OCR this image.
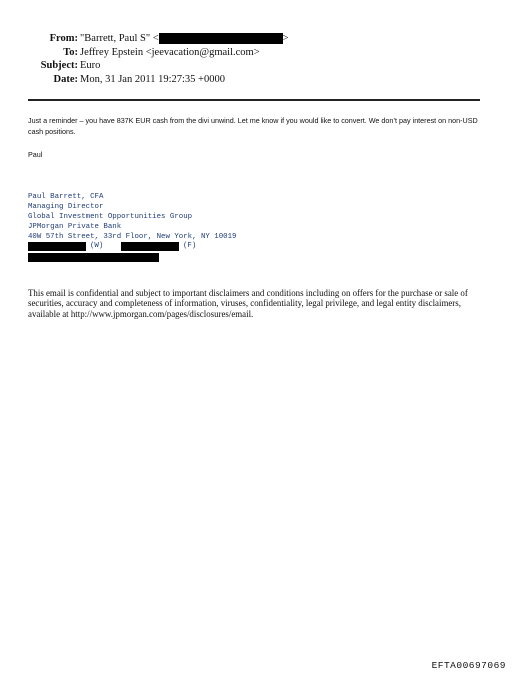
From: "Barrett, Paul S" <	>
To: Jeffrey Epstein <jeevacation@gmail.com>
Subject: Euro
Date: Mon, 31 Jan 2011 19:27:35 +0000
Just a reminder – you have 837K EUR cash from the divi unwind. Let me know if you would like to convert. We don’t pay interest on non-USD cash positions.
Paul
Paul Barrett, CFA
Managing Director
Global Investment Opportunities Group
JPMorgan Private Bank
40W 57th Street, 33rd Floor, New York, NY 10019
(W)	(F)
This email is confidential and subject to important disclaimers and conditions including on offers for the purchase or sale of securities, accuracy and completeness of information, viruses, confidentiality, legal privilege, and legal entity disclaimers, available at http://www.jpmorgan.com/pages/disclosures/email.
EFTA00697069
